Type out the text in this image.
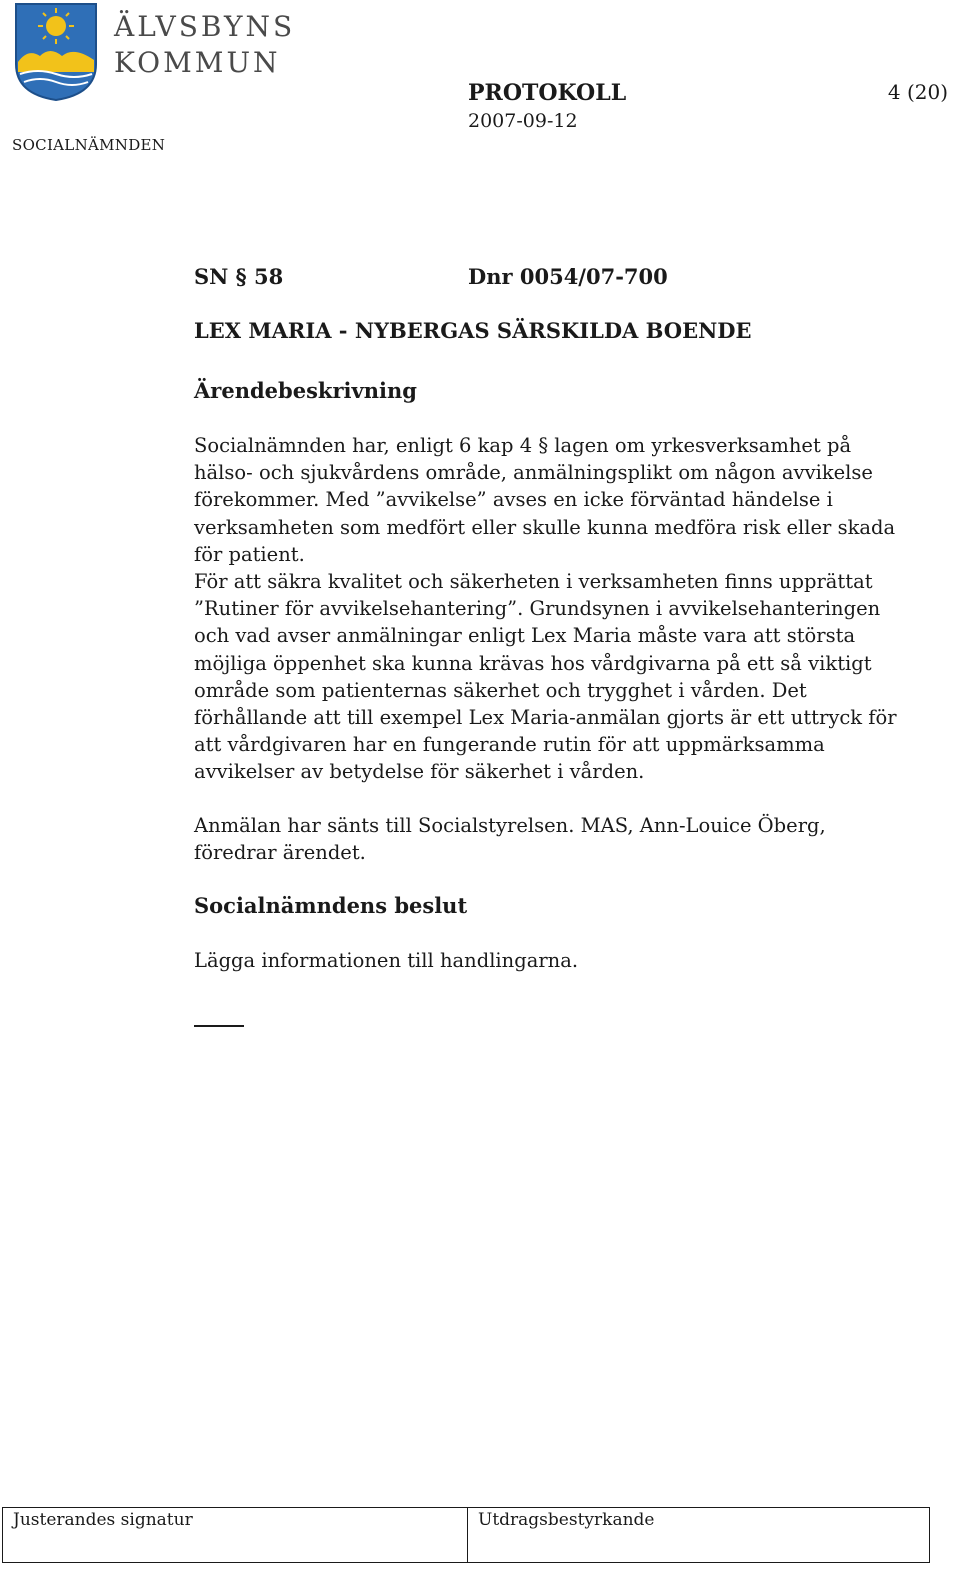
ÄLVSBYNS
KOMMUN
PROTOKOLL	4 (20)
2007-09-12
SOCIALNÄMNDEN
SN § 58	Dnr 0054/07-700
LEX MARIA - NYBERGAS SÄRSKILDA BOENDE
Ärendebeskrivning

Socialnämnden har, enligt 6 kap 4 § lagen om yrkesverksamhet på hälso- och sjukvårdens område, anmälningsplikt om någon avvikelse förekommer. Med ”avvikelse” avses en icke förväntad händelse i verksamheten som medfört eller skulle kunna medföra risk eller skada för patient.

För att säkra kvalitet och säkerheten i verksamheten finns upprättat ”Rutiner för avvikelsehantering”. Grundsynen i avvikelsehanteringen och vad avser anmälningar enligt Lex Maria måste vara att största möjliga öppenhet ska kunna krävas hos vårdgivarna på ett så viktigt område som patienternas säkerhet och trygghet i vården. Det förhållande att till exempel Lex Maria-anmälan gjorts är ett uttryck för att vårdgivaren har en fungerande rutin för att uppmärksamma avvikelser av betydelse för säkerhet i vården.

Anmälan har sänts till Socialstyrelsen. MAS, Ann-Louice Öberg, föredrar ärendet.

Socialnämndens beslut

Lägga informationen till handlingarna.

Justerandes signatur	Utdragsbestyrkande
